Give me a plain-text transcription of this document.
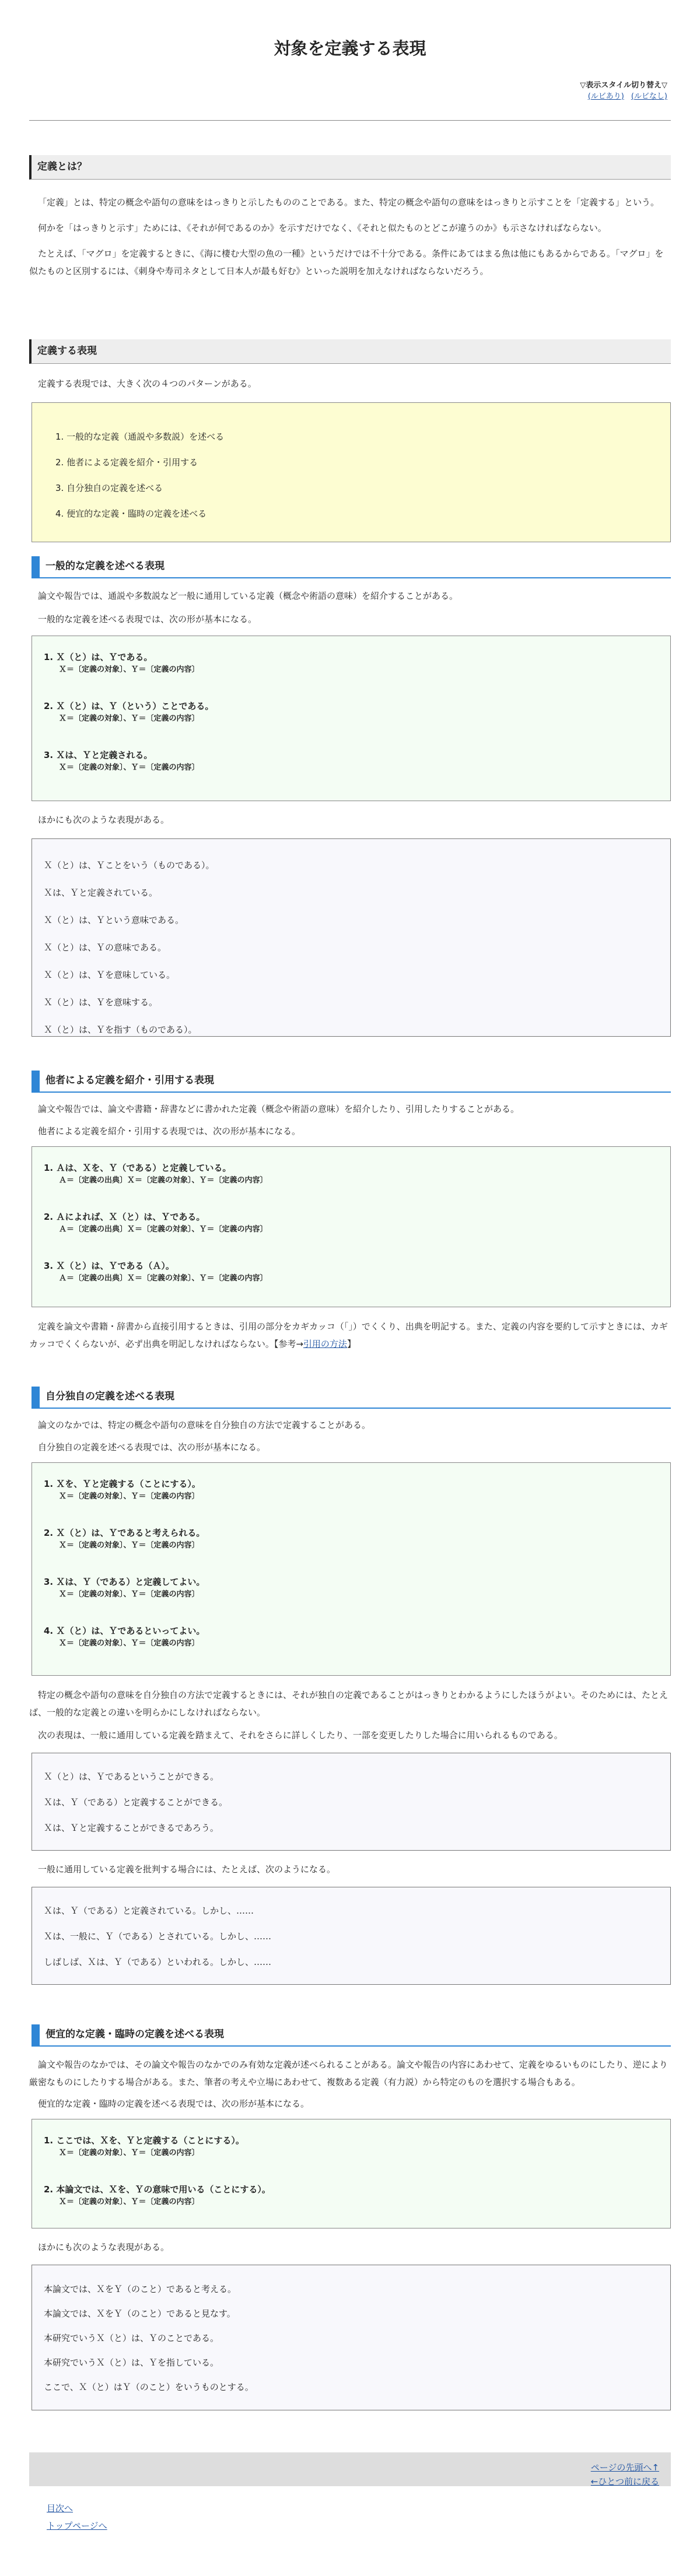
対象を定義する表現
▽表示スタイル切り替え▽
(ルビあり) (ルビなし)
定義とは？

「定義」とは、特定の概念や語句の意味をはっきりと示したもののことである。また、特定の概念や語句の意味をはっきりと示すことを「定義する」という。

何かを「はっきりと示す」ためには、《それが何であるのか》を示すだけでなく、《それと似たものとどこが違うのか》も示さなければならない。

たとえば、「マグロ」を定義するときに、《海に棲む大型の魚の一種》というだけでは不十分である。条件にあてはまる魚は他にもあるからである。「マグロ」を似たものと区別するには、《刺身や寿司ネタとして日本人が最も好む》といった説明を加えなければならないだろう。

定義する表現

定義する表現では、大きく次の４つのパターンがある。

1. 一般的な定義（通説や多数説）を述べる
2. 他者による定義を紹介・引用する
3. 自分独自の定義を述べる
4. 便宜的な定義・臨時の定義を述べる
一般的な定義を述べる表現

論文や報告では、通説や多数説など一般に通用している定義（概念や術語の意味）を紹介することがある。

一般的な定義を述べる表現では、次の形が基本になる。

1. Ｘ（と）は、Ｙである。
Ｘ＝〔定義の対象〕、Ｙ＝〔定義の内容〕
2. Ｘ（と）は、Ｙ（という）ことである。
Ｘ＝〔定義の対象〕、Ｙ＝〔定義の内容〕
3. Ｘは、Ｙと定義される。
Ｘ＝〔定義の対象〕、Ｙ＝〔定義の内容〕

ほかにも次のような表現がある。

Ｘ（と）は、Ｙことをいう（ものである）。
Ｘは、Ｙと定義されている。
Ｘ（と）は、Ｙという意味である。
Ｘ（と）は、Ｙの意味である。
Ｘ（と）は、Ｙを意味している。
Ｘ（と）は、Ｙを意味する。
Ｘ（と）は、Ｙを指す（ものである）。
他者による定義を紹介・引用する表現

論文や報告では、論文や書籍・辞書などに書かれた定義（概念や術語の意味）を紹介したり、引用したりすることがある。

他者による定義を紹介・引用する表現では、次の形が基本になる。

1. Ａは、Ｘを、Ｙ（である）と定義している。
Ａ＝〔定義の出典〕Ｘ＝〔定義の対象〕、Ｙ＝〔定義の内容〕
2. Ａによれば、Ｘ（と）は、Ｙである。
Ａ＝〔定義の出典〕Ｘ＝〔定義の対象〕、Ｙ＝〔定義の内容〕
3. Ｘ（と）は、Ｙである（Ａ）。
Ａ＝〔定義の出典〕Ｘ＝〔定義の対象〕、Ｙ＝〔定義の内容〕

定義を論文や書籍・辞書から直接引用するときは、引用の部分をカギカッコ（「」）でくくり、出典を明記する。また、定義の内容を要約して示すときには、カギカッコでくくらないが、必ず出典を明記しなければならない。【参考→引用の方法】

自分独自の定義を述べる表現

論文のなかでは、特定の概念や語句の意味を自分独自の方法で定義することがある。

自分独自の定義を述べる表現では、次の形が基本になる。

1. Ｘを、Ｙと定義する（ことにする）。
Ｘ＝〔定義の対象〕、Ｙ＝〔定義の内容〕
2. Ｘ（と）は、Ｙであると考えられる。
Ｘ＝〔定義の対象〕、Ｙ＝〔定義の内容〕
3. Ｘは、Ｙ（である）と定義してよい。
Ｘ＝〔定義の対象〕、Ｙ＝〔定義の内容〕
4. Ｘ（と）は、Ｙであるといってよい。
Ｘ＝〔定義の対象〕、Ｙ＝〔定義の内容〕

特定の概念や語句の意味を自分独自の方法で定義するときには、それが独自の定義であることがはっきりとわかるようにしたほうがよい。そのためには、たとえば、一般的な定義との違いを明らかにしなければならない。

次の表現は、一般に通用している定義を踏まえて、それをさらに詳しくしたり、一部を変更したりした場合に用いられるものである。

Ｘ（と）は、Ｙであるということができる。
Ｘは、Ｙ（である）と定義することができる。
Ｘは、Ｙと定義することができるであろう。

一般に通用している定義を批判する場合には、たとえば、次のようになる。

Ｘは、Ｙ（である）と定義されている。しかし、……
Ｘは、一般に、Ｙ（である）とされている。しかし、……
しばしば、Ｘは、Ｙ（である）といわれる。しかし、……
便宜的な定義・臨時の定義を述べる表現

論文や報告のなかでは、その論文や報告のなかでのみ有効な定義が述べられることがある。論文や報告の内容にあわせて、定義をゆるいものにしたり、逆により厳密なものにしたりする場合がある。また、筆者の考えや立場にあわせて、複数ある定義（有力説）から特定のものを選択する場合もある。

便宜的な定義・臨時の定義を述べる表現では、次の形が基本になる。

1. ここでは、Ｘを、Ｙと定義する（ことにする）。
Ｘ＝〔定義の対象〕、Ｙ＝〔定義の内容〕
2. 本論文では、Ｘを、Ｙの意味で用いる（ことにする）。
Ｘ＝〔定義の対象〕、Ｙ＝〔定義の内容〕

ほかにも次のような表現がある。

本論文では、ＸをＹ（のこと）であると考える。
本論文では、ＸをＹ（のこと）であると見なす。
本研究でいうＸ（と）は、Ｙのことである。
本研究でいうＸ（と）は、Ｙを指している。
ここで、Ｘ（と）はＹ（のこと）をいうものとする。
ページの先頭へ↑
←ひとつ前に戻る
目次へ
トップページへ
